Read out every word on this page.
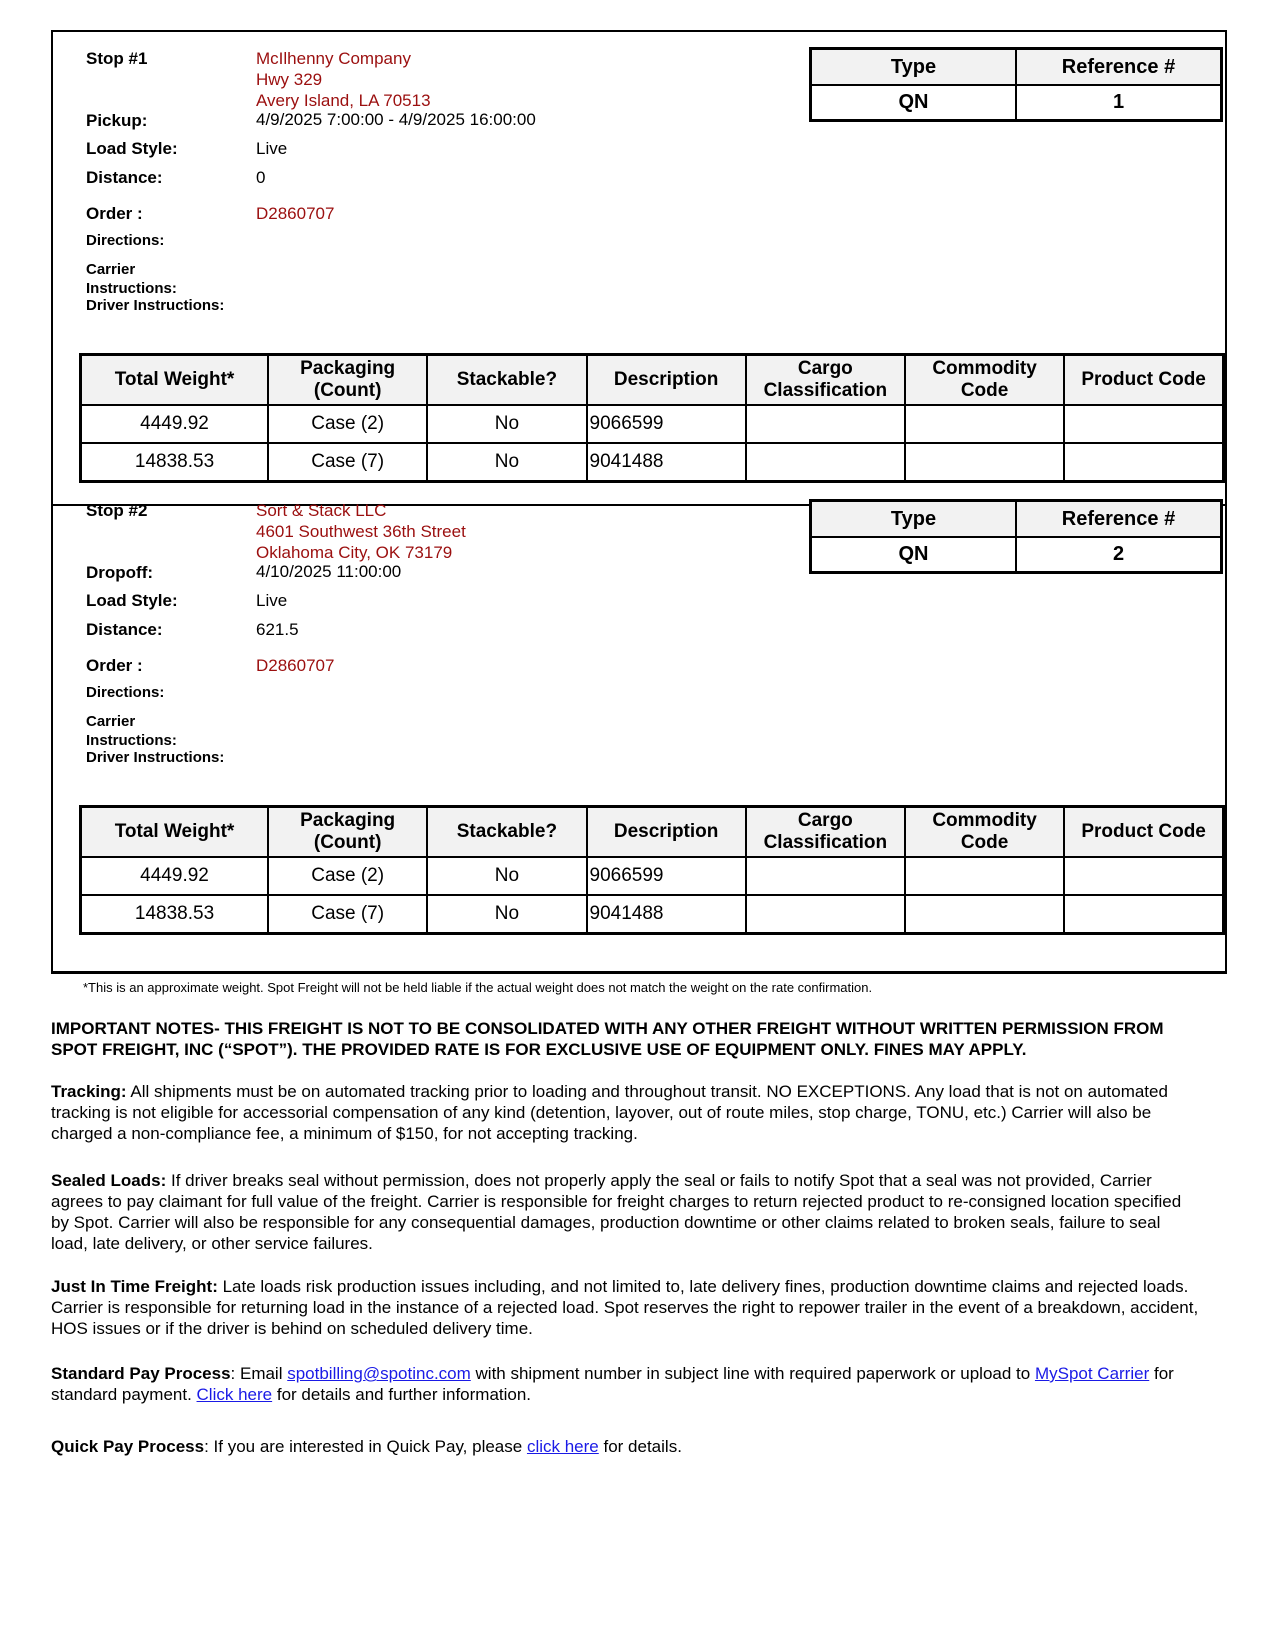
Stop #1	McIlhenny Company
Hwy 329
Avery Island, LA 70513
Pickup:	4/9/2025 7:00:00 - 4/9/2025 16:00:00
Load Style:	Live
Distance:	0
Order :	D2860707
Directions:
Carrier
Instructions:
Driver Instructions:
Type	Reference #
QN	1
Total Weight*	Packaging (Count)	Stackable?	Description	Cargo Classification	Commodity Code	Product Code
4449.92	Case (2)	No	9066599			
14838.53	Case (7)	No	9041488			
Stop #2	Sort & Stack LLC
4601 Southwest 36th Street
Oklahoma City, OK 73179
Dropoff:	4/10/2025 11:00:00
Load Style:	Live
Distance:	621.5
Order :	D2860707
Directions:
Carrier
Instructions:
Driver Instructions:
Type	Reference #
QN	2
Total Weight*	Packaging (Count)	Stackable?	Description	Cargo Classification	Commodity Code	Product Code
4449.92	Case (2)	No	9066599			
14838.53	Case (7)	No	9041488			
*This is an approximate weight. Spot Freight will not be held liable if the actual weight does not match the weight on the rate confirmation.
IMPORTANT NOTES- THIS FREIGHT IS NOT TO BE CONSOLIDATED WITH ANY OTHER FREIGHT WITHOUT WRITTEN PERMISSION FROM SPOT FREIGHT, INC (“SPOT”). THE PROVIDED RATE IS FOR EXCLUSIVE USE OF EQUIPMENT ONLY. FINES MAY APPLY.
Tracking: All shipments must be on automated tracking prior to loading and throughout transit. NO EXCEPTIONS. Any load that is not on automated tracking is not eligible for accessorial compensation of any kind (detention, layover, out of route miles, stop charge, TONU, etc.) Carrier will also be charged a non-compliance fee, a minimum of $150, for not accepting tracking.
Sealed Loads: If driver breaks seal without permission, does not properly apply the seal or fails to notify Spot that a seal was not provided, Carrier agrees to pay claimant for full value of the freight. Carrier is responsible for freight charges to return rejected product to re-consigned location specified by Spot. Carrier will also be responsible for any consequential damages, production downtime or other claims related to broken seals, failure to seal load, late delivery, or other service failures.
Just In Time Freight: Late loads risk production issues including, and not limited to, late delivery fines, production downtime claims and rejected loads. Carrier is responsible for returning load in the instance of a rejected load. Spot reserves the right to repower trailer in the event of a breakdown, accident, HOS issues or if the driver is behind on scheduled delivery time.
Standard Pay Process: Email spotbilling@spotinc.com with shipment number in subject line with required paperwork or upload to MySpot Carrier for standard payment. Click here for details and further information.
Quick Pay Process: If you are interested in Quick Pay, please click here for details.
